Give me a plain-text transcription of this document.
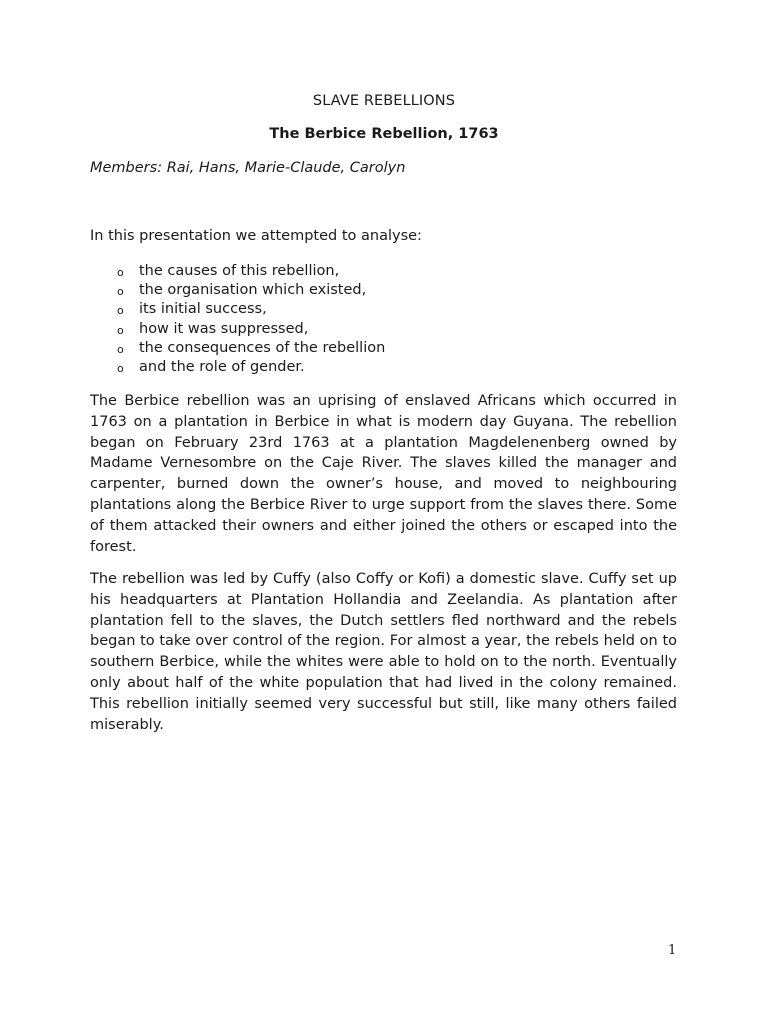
SLAVE REBELLIONS
The Berbice Rebellion, 1763
Members: Rai, Hans, Marie-Claude, Carolyn
In this presentation we attempted to analyse:
o the causes of this rebellion,
o the organisation which existed,
o its initial success,
o how it was suppressed,
o the consequences of the rebellion
o and the role of gender.

The Berbice rebellion was an uprising of enslaved Africans which occurred in 1763 on a plantation in Berbice in what is modern day Guyana. The rebellion began on February 23rd 1763 at a plantation Magdelenenberg owned by Madame Vernesombre on the Caje River. The slaves killed the manager and carpenter, burned down the owner’s house, and moved to neighbouring plantations along the Berbice River to urge support from the slaves there. Some of them attacked their owners and either joined the others or escaped into the forest.

The rebellion was led by Cuffy (also Coffy or Kofi) a domestic slave. Cuffy set up his headquarters at Plantation Hollandia and Zeelandia. As plantation after plantation fell to the slaves, the Dutch settlers fled northward and the rebels began to take over control of the region. For almost a year, the rebels held on to southern Berbice, while the whites were able to hold on to the north. Eventually only about half of the white population that had lived in the colony remained. This rebellion initially seemed very successful but still, like many others failed miserably.

1
